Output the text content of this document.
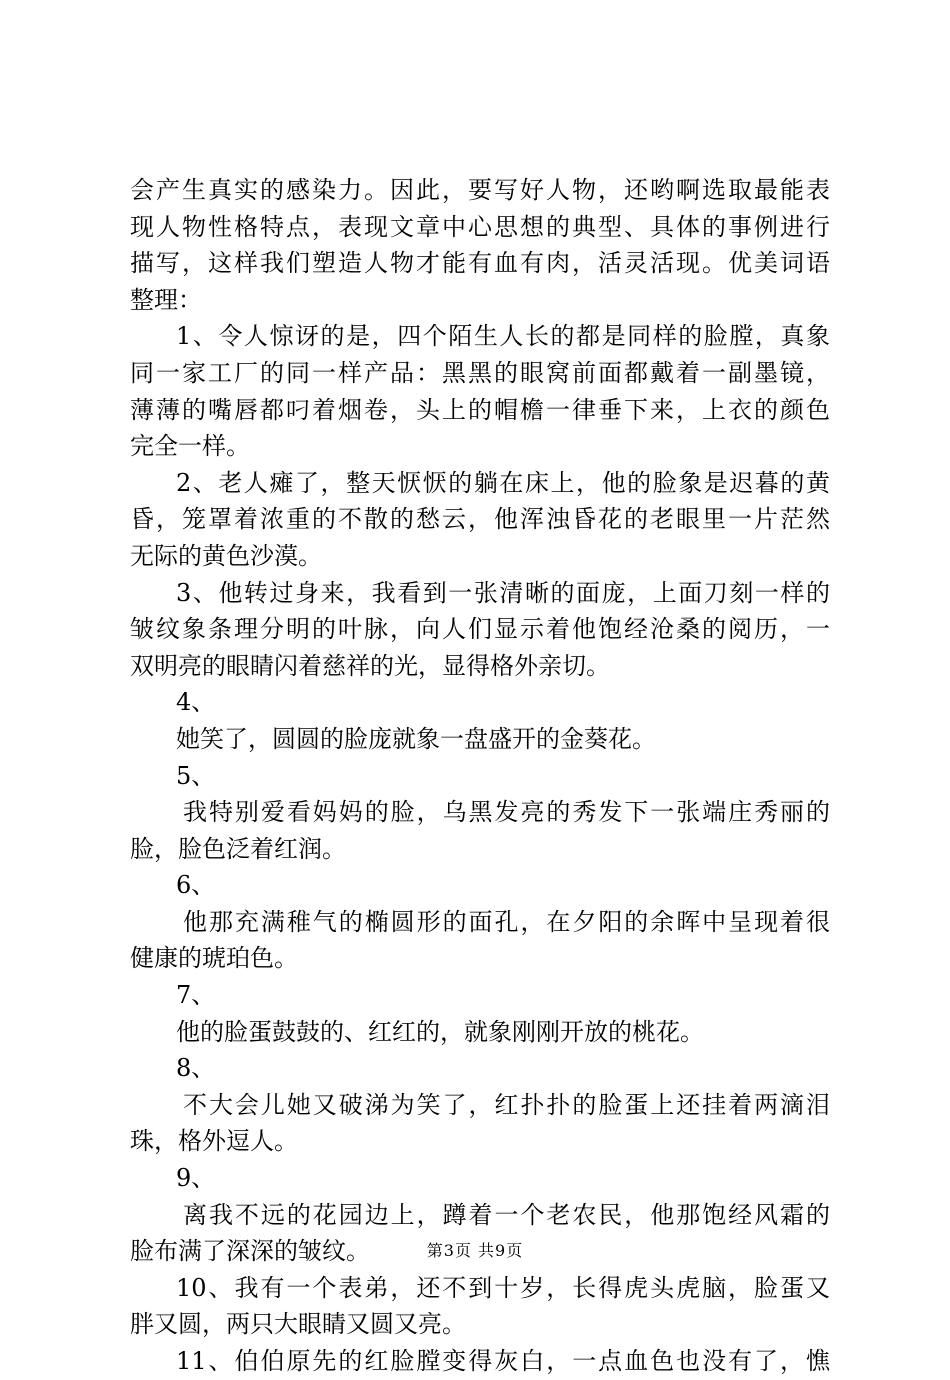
会产生真实的感染力。因此，要写好人物，还哟啊选取最能表
现人物性格特点，表现文章中心思想的典型、具体的事例进行
描写，这样我们塑造人物才能有血有肉，活灵活现。优美词语
整理：
1、令人惊讶的是，四个陌生人长的都是同样的脸膛，真象
同一家工厂的同一样产品：黑黑的眼窝前面都戴着一副墨镜，
薄薄的嘴唇都叼着烟卷，头上的帽檐一律垂下来，上衣的颜色
完全一样。
2、老人瘫了，整天恹恹的躺在床上，他的脸象是迟暮的黄
昏，笼罩着浓重的不散的愁云，他浑浊昏花的老眼里一片茫然
无际的黄色沙漠。
3、他转过身来，我看到一张清晰的面庞，上面刀刻一样的
皱纹象条理分明的叶脉，向人们显示着他饱经沧桑的阅历，一
双明亮的眼睛闪着慈祥的光，显得格外亲切。
4、
她笑了，圆圆的脸庞就象一盘盛开的金葵花。
5、
我特别爱看妈妈的脸，乌黑发亮的秀发下一张端庄秀丽的
脸，脸色泛着红润。
6、
他那充满稚气的椭圆形的面孔，在夕阳的余晖中呈现着很
健康的琥珀色。
7、
他的脸蛋鼓鼓的、红红的，就象刚刚开放的桃花。
8、
不大会儿她又破涕为笑了，红扑扑的脸蛋上还挂着两滴泪
珠，格外逗人。
9、
离我不远的花园边上，蹲着一个老农民，他那饱经风霜的
脸布满了深深的皱纹。
10、我有一个表弟，还不到十岁，长得虎头虎脑，脸蛋又
胖又圆，两只大眼睛又圆又亮。
11、伯伯原先的红脸膛变得灰白，一点血色也没有了，憔
第3页 共9页
